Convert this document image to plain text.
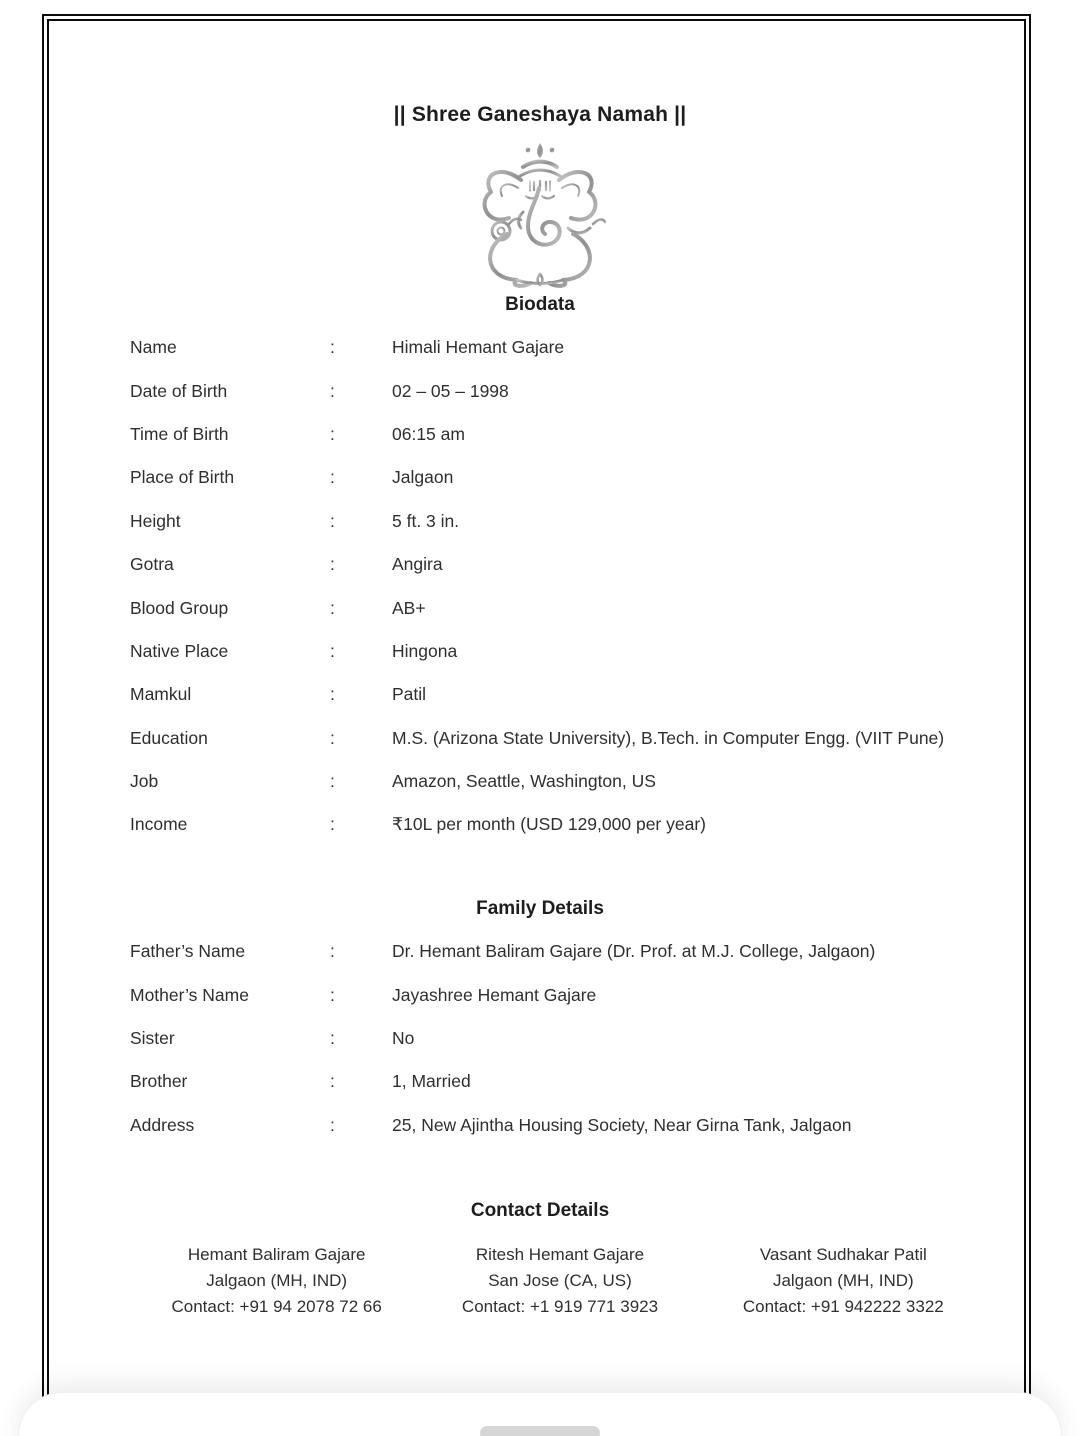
|| Shree Ganeshaya Namah ||
Biodata
Name	:	Himali Hemant Gajare
Date of Birth	:	02 – 05 – 1998
Time of Birth	:	06:15 am
Place of Birth	:	Jalgaon
Height	:	5 ft. 3 in.
Gotra	:	Angira
Blood Group	:	AB+
Native Place	:	Hingona
Mamkul	:	Patil
Education	:	M.S. (Arizona State University), B.Tech. in Computer Engg. (VIIT Pune)
Job	:	Amazon, Seattle, Washington, US
Income	:	₹10L per month (USD 129,000 per year)
Family Details
Father’s Name	:	Dr. Hemant Baliram Gajare (Dr. Prof. at M.J. College, Jalgaon)
Mother’s Name	:	Jayashree Hemant Gajare
Sister	:	No
Brother	:	1, Married
Address	:	25, New Ajintha Housing Society, Near Girna Tank, Jalgaon
Contact Details
Hemant Baliram Gajare
Jalgaon (MH, IND)
Contact: +91 94 2078 72 66
Ritesh Hemant Gajare
San Jose (CA, US)
Contact: +1 919 771 3923
Vasant Sudhakar Patil
Jalgaon (MH, IND)
Contact: +91 942222 3322
